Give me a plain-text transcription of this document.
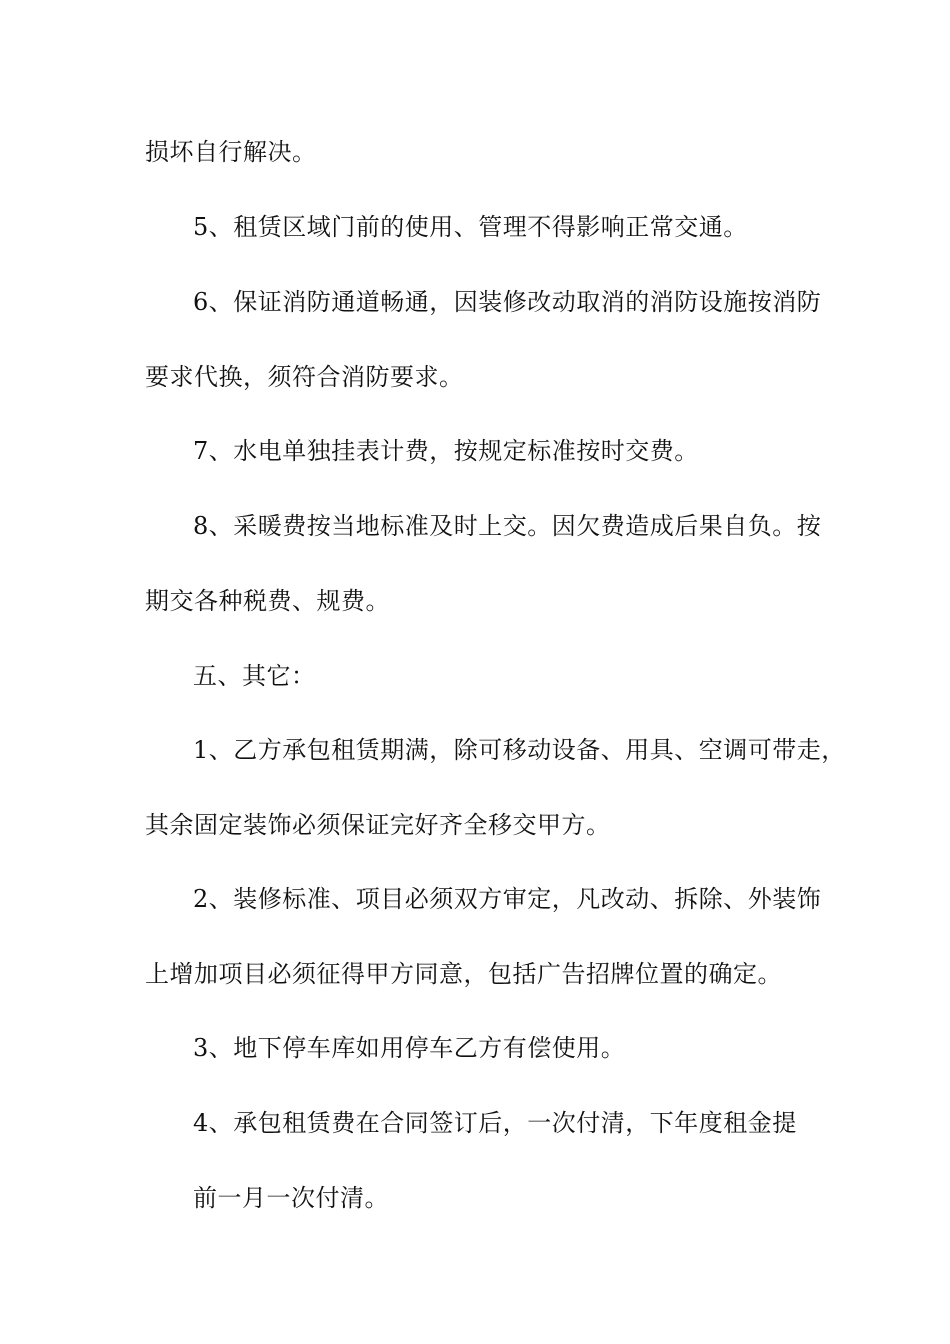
损坏自行解决。
5、租赁区域门前的使用、管理不得影响正常交通。
6、保证消防通道畅通，因装修改动取消的消防设施按消防
要求代换，须符合消防要求。
7、水电单独挂表计费，按规定标准按时交费。
8、采暖费按当地标准及时上交。因欠费造成后果自负。按
期交各种税费、规费。
五、其它：
1、乙方承包租赁期满，除可移动设备、用具、空调可带走，
其余固定装饰必须保证完好齐全移交甲方。
2、装修标准、项目必须双方审定，凡改动、拆除、外装饰
上增加项目必须征得甲方同意，包括广告招牌位置的确定。
3、地下停车库如用停车乙方有偿使用。
4、承包租赁费在合同签订后，一次付清，下年度租金提
前一月一次付清。
